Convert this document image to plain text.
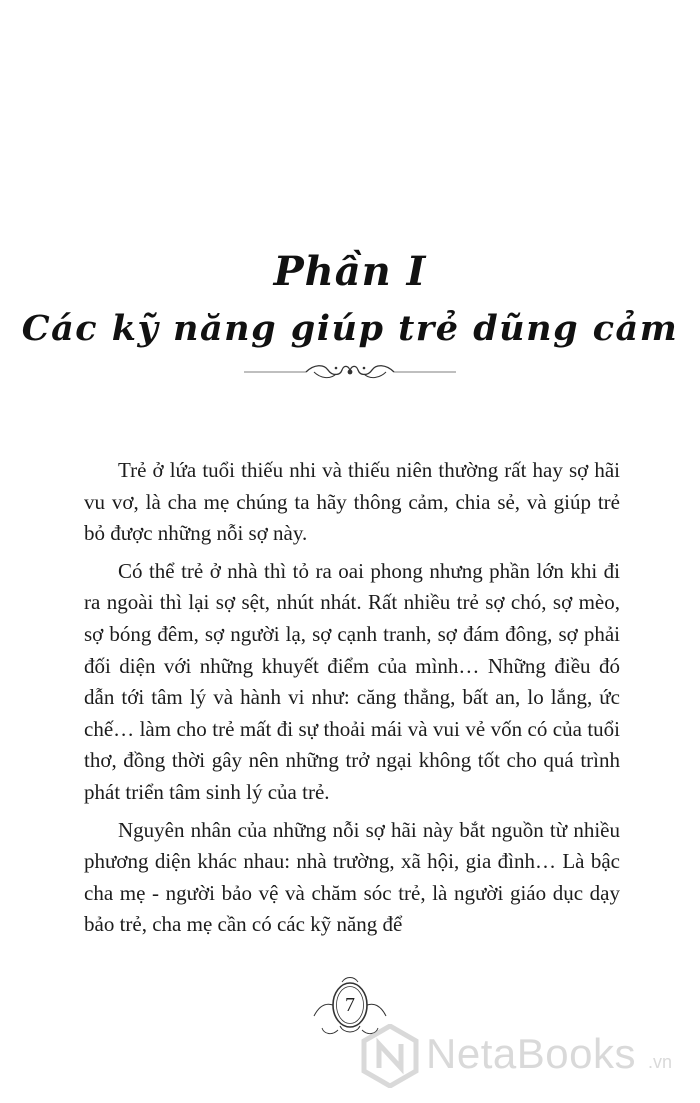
Phần I
Các kỹ năng giúp trẻ dũng cảm

Trẻ ở lứa tuổi thiếu nhi và thiếu niên thường rất hay sợ hãi vu vơ, là cha mẹ chúng ta hãy thông cảm, chia sẻ, và giúp trẻ bỏ được những nỗi sợ này.

Có thể trẻ ở nhà thì tỏ ra oai phong nhưng phần lớn khi đi ra ngoài thì lại sợ sệt, nhút nhát. Rất nhiều trẻ sợ chó, sợ mèo, sợ bóng đêm, sợ người lạ, sợ cạnh tranh, sợ đám đông, sợ phải đối diện với những khuyết điểm của mình… Những điều đó dẫn tới tâm lý và hành vi như: căng thẳng, bất an, lo lắng, ức chế… làm cho trẻ mất đi sự thoải mái và vui vẻ vốn có của tuổi thơ, đồng thời gây nên những trở ngại không tốt cho quá trình phát triển tâm sinh lý của trẻ.

Nguyên nhân của những nỗi sợ hãi này bắt nguồn từ nhiều phương diện khác nhau: nhà trường, xã hội, gia đình… Là bậc cha mẹ - người bảo vệ và chăm sóc trẻ, là người giáo dục dạy bảo trẻ, cha mẹ cần có các kỹ năng để

7
NetaBooks .vn
